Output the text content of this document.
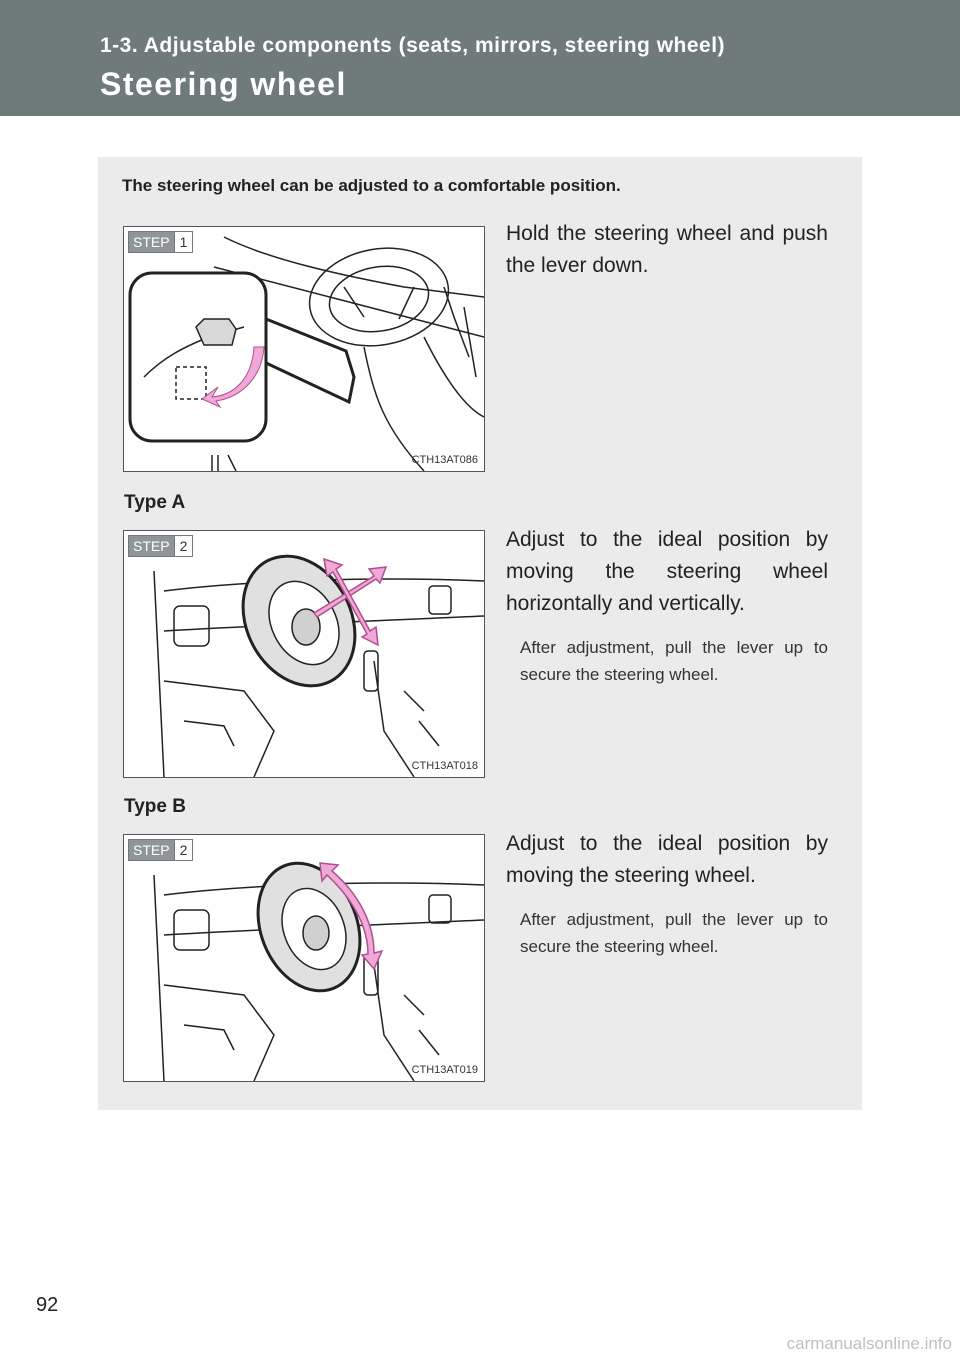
1-3. Adjustable components (seats, mirrors, steering wheel)
Steering wheel

The steering wheel can be adjusted to a comfortable position.

STEP 1
CTH13AT086

Hold the steering wheel and push the lever down.

Type A

STEP 2
CTH13AT018

Adjust to the ideal position by moving the steering wheel horizontally and vertically.

After adjustment, pull the lever up to secure the steering wheel.

Type B

STEP 2
CTH13AT019

Adjust to the ideal position by moving the steering wheel.

After adjustment, pull the lever up to secure the steering wheel.

92
carmanualsonline.info
